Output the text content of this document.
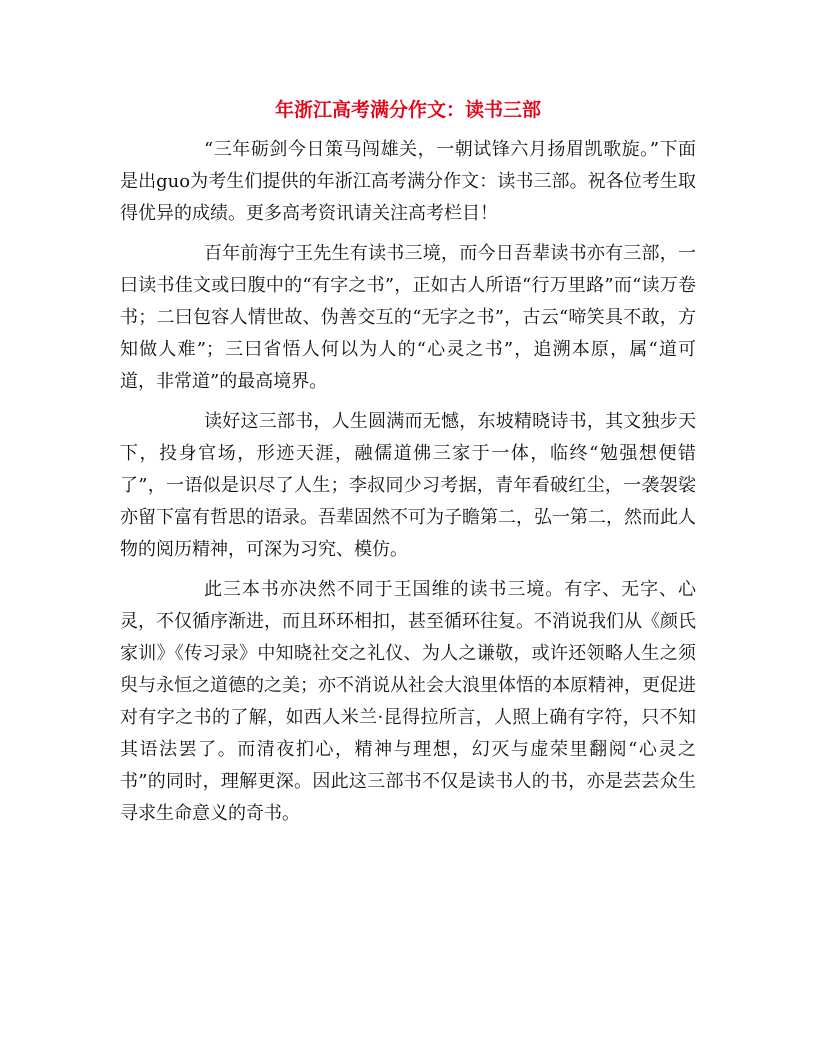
年浙江高考满分作文：读书三部

“三年砺剑今日策马闯雄关，一朝试锋六月扬眉凯歌旋。”下面是出guo为考生们提供的年浙江高考满分作文：读书三部。祝各位考生取得优异的成绩。更多高考资讯请关注高考栏目！

百年前海宁王先生有读书三境，而今日吾辈读书亦有三部，一曰读书佳文或曰腹中的“有字之书”，正如古人所语“行万里路”而“读万卷书；二曰包容人情世故、伪善交互的“无字之书”，古云“啼笑具不敢，方知做人难”；三曰省悟人何以为人的“心灵之书”，追溯本原，属“道可道，非常道”的最高境界。

读好这三部书，人生圆满而无憾，东坡精晓诗书，其文独步天下，投身官场，形迹天涯，融儒道佛三家于一体，临终“勉强想便错了”，一语似是识尽了人生；李叔同少习考据，青年看破红尘，一袭袈裟亦留下富有哲思的语录。吾辈固然不可为子瞻第二，弘一第二，然而此人物的阅历精神，可深为习究、模仿。

此三本书亦决然不同于王国维的读书三境。有字、无字、心灵，不仅循序渐进，而且环环相扣，甚至循环往复。不消说我们从《颜氏家训》《传习录》中知晓社交之礼仪、为人之谦敬，或许还领略人生之须臾与永恒之道德的之美；亦不消说从社会大浪里体悟的本原精神，更促进对有字之书的了解，如西人米兰·昆得拉所言，人照上确有字符，只不知其语法罢了。而清夜扪心，精神与理想，幻灭与虚荣里翻阅“心灵之书”的同时，理解更深。因此这三部书不仅是读书人的书，亦是芸芸众生寻求生命意义的奇书。
